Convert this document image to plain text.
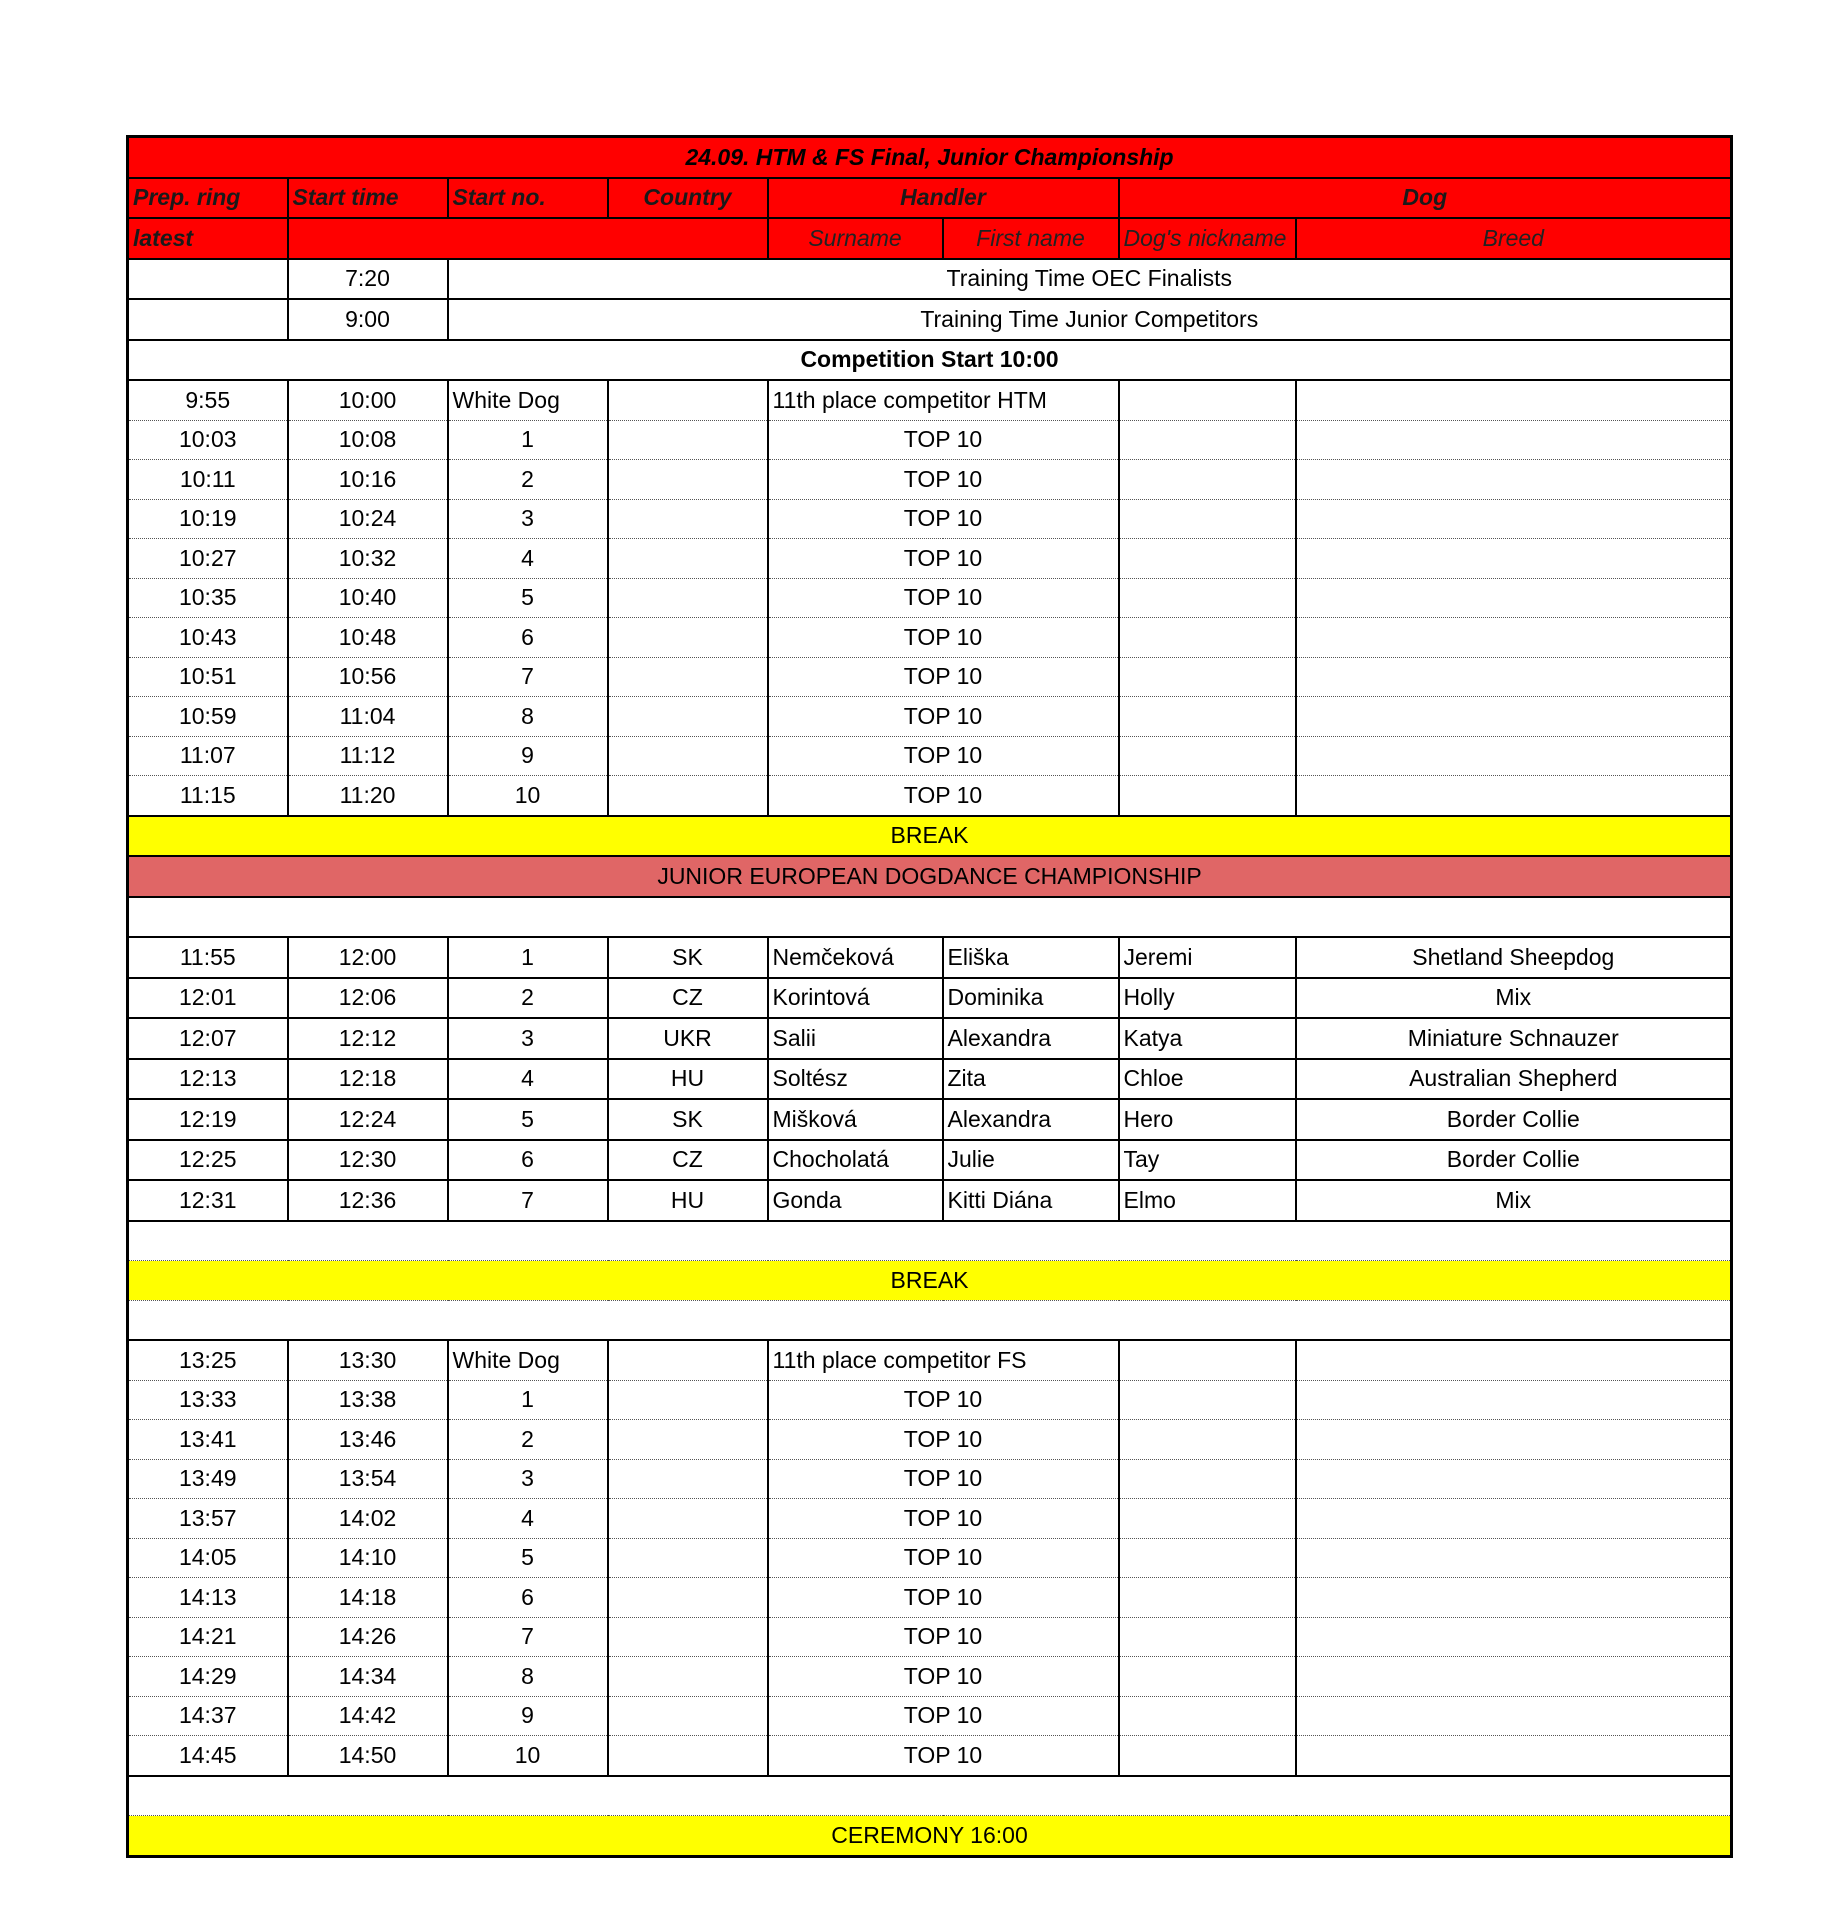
24.09. HTM & FS Final, Junior Championship							
Prep. ring	Start time	Start no.	Country	Handler		Dog	
latest				Surname	First name	Dog's nickname	Breed
	7:20	Training Time OEC Finalists					
	9:00	Training Time Junior Competitors					
Competition Start 10:00							
9:55	10:00	White Dog		11th place competitor HTM			
10:03	10:08	1		TOP 10			
10:11	10:16	2		TOP 10			
10:19	10:24	3		TOP 10			
10:27	10:32	4		TOP 10			
10:35	10:40	5		TOP 10			
10:43	10:48	6		TOP 10			
10:51	10:56	7		TOP 10			
10:59	11:04	8		TOP 10			
11:07	11:12	9		TOP 10			
11:15	11:20	10		TOP 10			
BREAK							
JUNIOR EUROPEAN DOGDANCE CHAMPIONSHIP							

11:55	12:00	1	SK	Nemčeková	Eliška	Jeremi	Shetland Sheepdog
12:01	12:06	2	CZ	Korintová	Dominika	Holly	Mix
12:07	12:12	3	UKR	Salii	Alexandra	Katya	Miniature Schnauzer
12:13	12:18	4	HU	Soltész	Zita	Chloe	Australian Shepherd
12:19	12:24	5	SK	Mišková	Alexandra	Hero	Border Collie
12:25	12:30	6	CZ	Chocholatá	Julie	Tay	Border Collie
12:31	12:36	7	HU	Gonda	Kitti Diána	Elmo	Mix

BREAK							

13:25	13:30	White Dog		11th place competitor FS			
13:33	13:38	1		TOP 10			
13:41	13:46	2		TOP 10			
13:49	13:54	3		TOP 10			
13:57	14:02	4		TOP 10			
14:05	14:10	5		TOP 10			
14:13	14:18	6		TOP 10			
14:21	14:26	7		TOP 10			
14:29	14:34	8		TOP 10			
14:37	14:42	9		TOP 10			
14:45	14:50	10		TOP 10			

CEREMONY 16:00							
